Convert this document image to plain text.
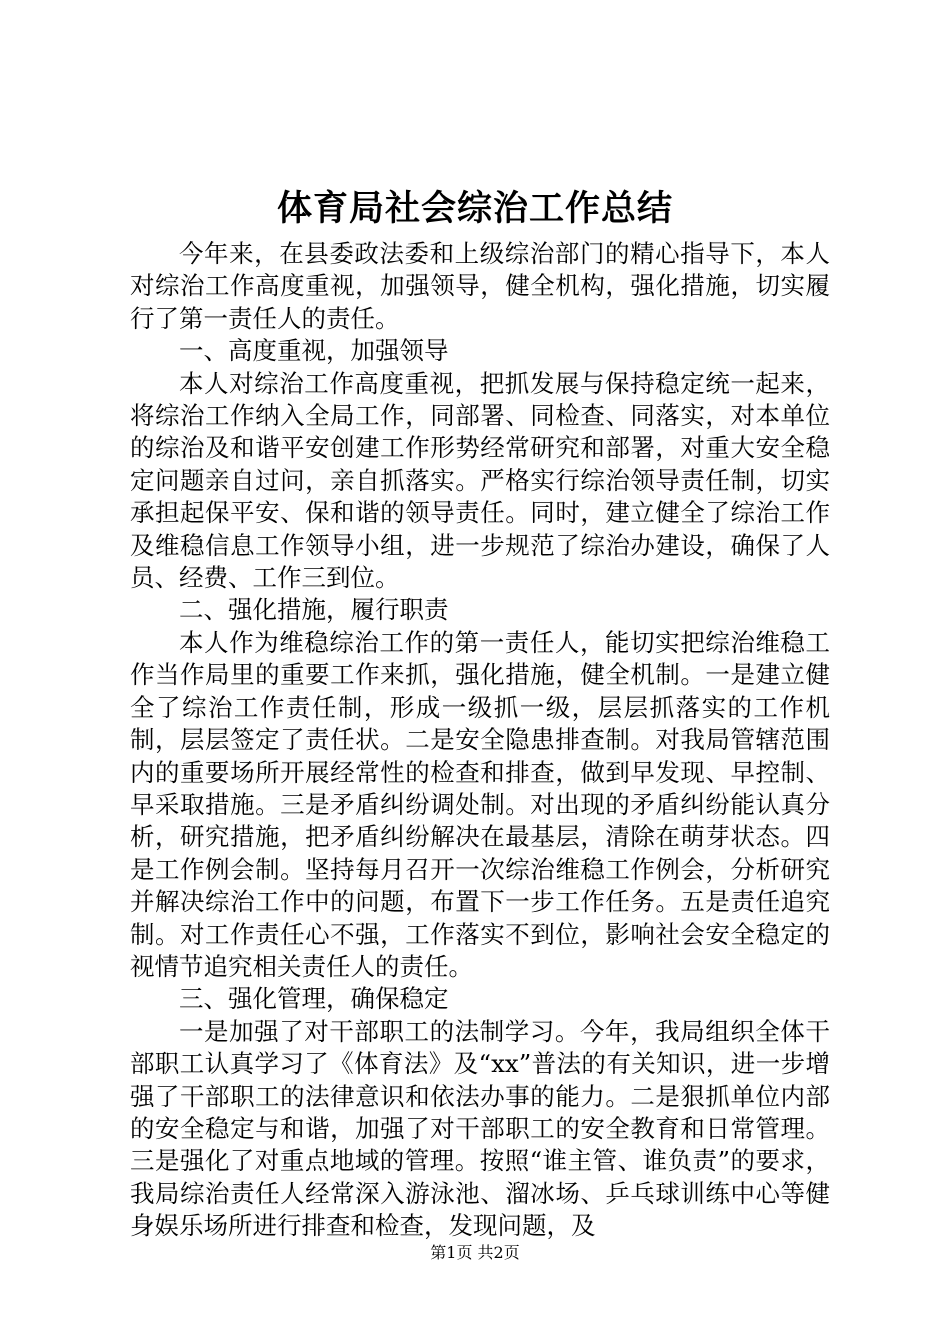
体育局社会综治工作总结

今年来，在县委政法委和上级综治部门的精心指导下，本人对综治工作高度重视，加强领导，健全机构，强化措施，切实履行了第一责任人的责任。

一、高度重视，加强领导

本人对综治工作高度重视，把抓发展与保持稳定统一起来，将综治工作纳入全局工作，同部署、同检查、同落实，对本单位的综治及和谐平安创建工作形势经常研究和部署，对重大安全稳定问题亲自过问，亲自抓落实。严格实行综治领导责任制，切实承担起保平安、保和谐的领导责任。同时，建立健全了综治工作及维稳信息工作领导小组，进一步规范了综治办建设，确保了人员、经费、工作三到位。

二、强化措施，履行职责

本人作为维稳综治工作的第一责任人，能切实把综治维稳工作当作局里的重要工作来抓，强化措施，健全机制。一是建立健全了综治工作责任制，形成一级抓一级，层层抓落实的工作机制，层层签定了责任状。二是安全隐患排查制。对我局管辖范围内的重要场所开展经常性的检查和排查，做到早发现、早控制、早采取措施。三是矛盾纠纷调处制。对出现的矛盾纠纷能认真分析，研究措施，把矛盾纠纷解决在最基层，清除在萌芽状态。四是工作例会制。坚持每月召开一次综治维稳工作例会，分析研究并解决综治工作中的问题，布置下一步工作任务。五是责任追究制。对工作责任心不强，工作落实不到位，影响社会安全稳定的视情节追究相关责任人的责任。

三、强化管理，确保稳定

一是加强了对干部职工的法制学习。今年，我局组织全体干部职工认真学习了《体育法》及“xx”普法的有关知识，进一步增强了干部职工的法律意识和依法办事的能力。二是狠抓单位内部的安全稳定与和谐，加强了对干部职工的安全教育和日常管理。三是强化了对重点地域的管理。按照“谁主管、谁负责”的要求，我局综治责任人经常深入游泳池、溜冰场、乒乓球训练中心等健身娱乐场所进行排查和检查，发现问题，及

第1页 共2页
